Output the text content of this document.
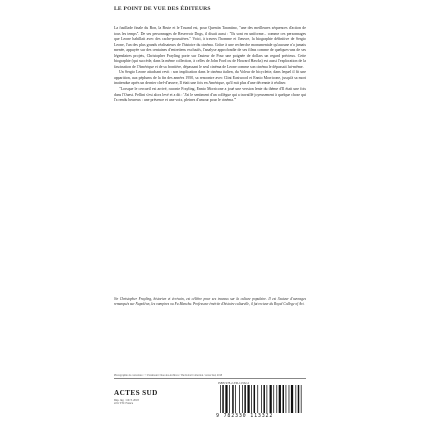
LE POINT DE VUE DES ÉDITEURS

La fusillade finale du Bon, la Brute et le Truand est, pour Quentin Tarantino, "une des meilleures séquences d'action de tous les temps". De ses personnages de Reservoir Dogs, il disait aussi : "Ils sont en uniforme... comme ces personnages que Leone habillait avec des cache-poussières." Voici, à travers l'homme et l'œuvre, la biographie définitive de Sergio Leone, l'un des plus grands réalisateurs de l'histoire du cinéma. Grâce à une recherche monumentale qu'aucune n'a jamais menée, appuyée sur des centaines d'entretiens exclusifs, l'analyse approfondie de ses films comme de quelques-uns de ses légendaires projets, Christopher Frayling porte sur l'auteur de Pour une poignée de dollars un regard précieux. Cette biographie (qui succède, dans la même collection, à celles de John Ford ou de Howard Hawks) est aussi l'exploration de la fascination de l'Amérique et de sa frontière, dépassant le seul cinéma de Leone comme son cinéma le dépassait lui-même.

Un Sergio Leone attachant revit : son implication dans le cinéma italien, du Voleur de bicyclette, dans lequel il fit une apparition, aux péplums de la fin des années 1950, sa rencontre avec Clint Eastwood et Ennio Morricone, jusqu'à sa mort inattendue après un dernier chef-d'œuvre, Il était une fois en Amérique, qu'il mit plus d'une décennie à réaliser.

"Lorsque le cercueil est arrivé, raconte Frayling, Ennio Morricone a joué une version lente du thème d'Il était une fois dans l'Ouest. Fellini s'est alors levé et a dit : 'J'ai le sentiment d'un collègue qui a travaillé joyeusement à quelque chose qui l'a rendu heureux : une présence et une voix, pleines d'amour pour le cinéma.'"

Sir Christopher Frayling, historien et écrivain, est célèbre pour ses travaux sur la culture populaire. Il est l'auteur d'ouvrages remarqués sur Napoléon, les vampires ou Fu Manchu. Professeur émérite d'histoire culturelle, il fut recteur du Royal College of Art.

Photographie de couverture : © Paramount / Rue des Archives / The Kobal Collection / Actes Sud, 2018
ACTES SUD
Dép. lég. : OCT. 2018
22 € TTC France
ISBN 978-2-330-11332-2
9 782330 113322
